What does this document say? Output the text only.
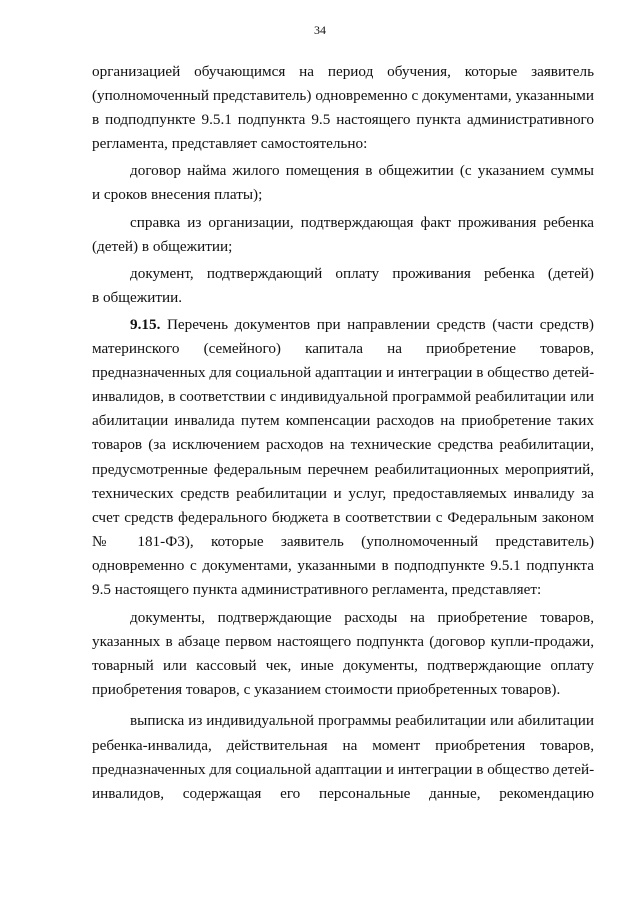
34
организацией обучающимся на период обучения, которые заявитель
(уполномоченный представитель) одновременно с документами, указанными
в подподпункте 9.5.1 подпункта 9.5 настоящего пункта административного
регламента, представляет самостоятельно:
договор найма жилого помещения в общежитии (с указанием суммы
и сроков внесения платы);
справка из организации, подтверждающая факт проживания ребенка
(детей) в общежитии;
документ, подтверждающий оплату проживания ребенка (детей)
в общежитии.
9.15. Перечень документов при направлении средств (части средств)
материнского (семейного) капитала на приобретение товаров,
предназначенных для социальной адаптации и интеграции в общество детей-
инвалидов, в соответствии с индивидуальной программой реабилитации или
абилитации инвалида путем компенсации расходов на приобретение таких
товаров (за исключением расходов на технические средства реабилитации,
предусмотренные федеральным перечнем реабилитационных мероприятий,
технических средств реабилитации и услуг, предоставляемых инвалиду за
счет средств федерального бюджета в соответствии с Федеральным законом
№ 181-ФЗ), которые заявитель (уполномоченный представитель)
одновременно с документами, указанными в подподпункте 9.5.1 подпункта
9.5 настоящего пункта административного регламента, представляет:
документы, подтверждающие расходы на приобретение товаров,
указанных в абзаце первом настоящего подпункта (договор купли-продажи,
товарный или кассовый чек, иные документы, подтверждающие оплату
приобретения товаров, с указанием стоимости приобретенных товаров).
выписка из индивидуальной программы реабилитации или абилитации
ребенка-инвалида, действительная на момент приобретения товаров,
предназначенных для социальной адаптации и интеграции в общество детей-
инвалидов, содержащая его персональные данные, рекомендацию
